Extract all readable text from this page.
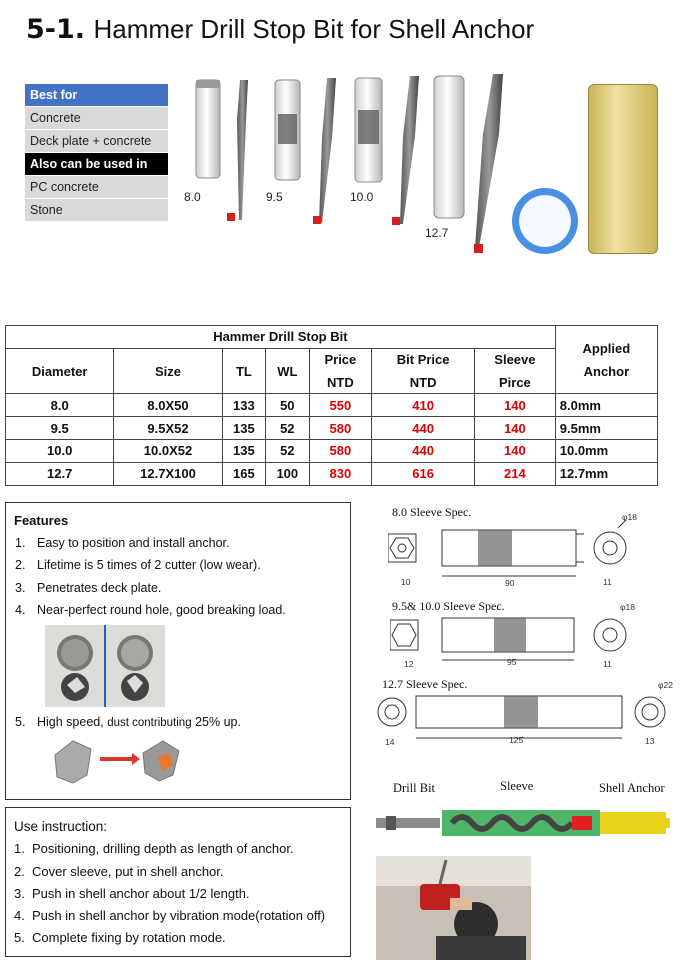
5-1. Hammer Drill Stop Bit for Shell Anchor
Best for
Concrete
Deck plate + concrete
Also can be used in
PC concrete
Stone
8.0	9.5	10.0
12.7
Hammer Drill Stop Bit							Applied
Anchor

Diameter	Size	TL	WL	Price	Bit Price	Sleeve	
				NTD	NTD	Pirce	
8.0	8.0X50	133	50	550	410	140	8.0mm
9.5	9.5X52	135	52	580	440	140	9.5mm
10.0	10.0X52	135	52	580	440	140	10.0mm
12.7	12.7X100	165	100	830	616	214	12.7mm
Features
1. Easy to position and install anchor.
2. Lifetime is 5 times of 2 cutter (low wear).
3. Penetrates deck plate.
4. Near-perfect round hole, good breaking load.
5. High speed, dust contributing 25% up.
8.0 Sleeve Spec.
10	90	11
φ18
9.5& 10.0 Sleeve Spec.
12	95	11
φ18
12.7 Sleeve Spec.
14	125	13
φ22
Drill Bit	Sleeve	Shell Anchor
Use instruction:
1. Positioning, drilling depth as length of anchor.
2. Cover sleeve, put in shell anchor.
3. Push in shell anchor about 1/2 length.
4. Push in shell anchor by vibration mode(rotation off)
5. Complete fixing by rotation mode.
